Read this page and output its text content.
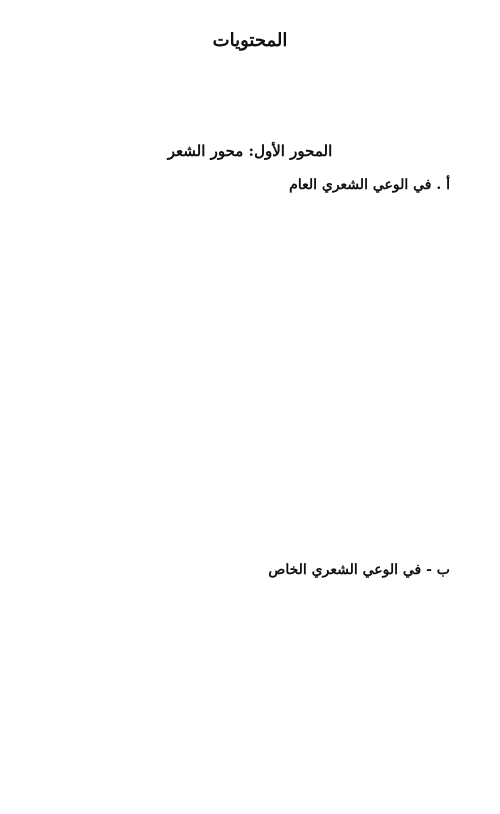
المحتويات
المحور الأول: محور الشعر
أ . في الوعي الشعري العام
ب - في الوعي الشعري الخاص
